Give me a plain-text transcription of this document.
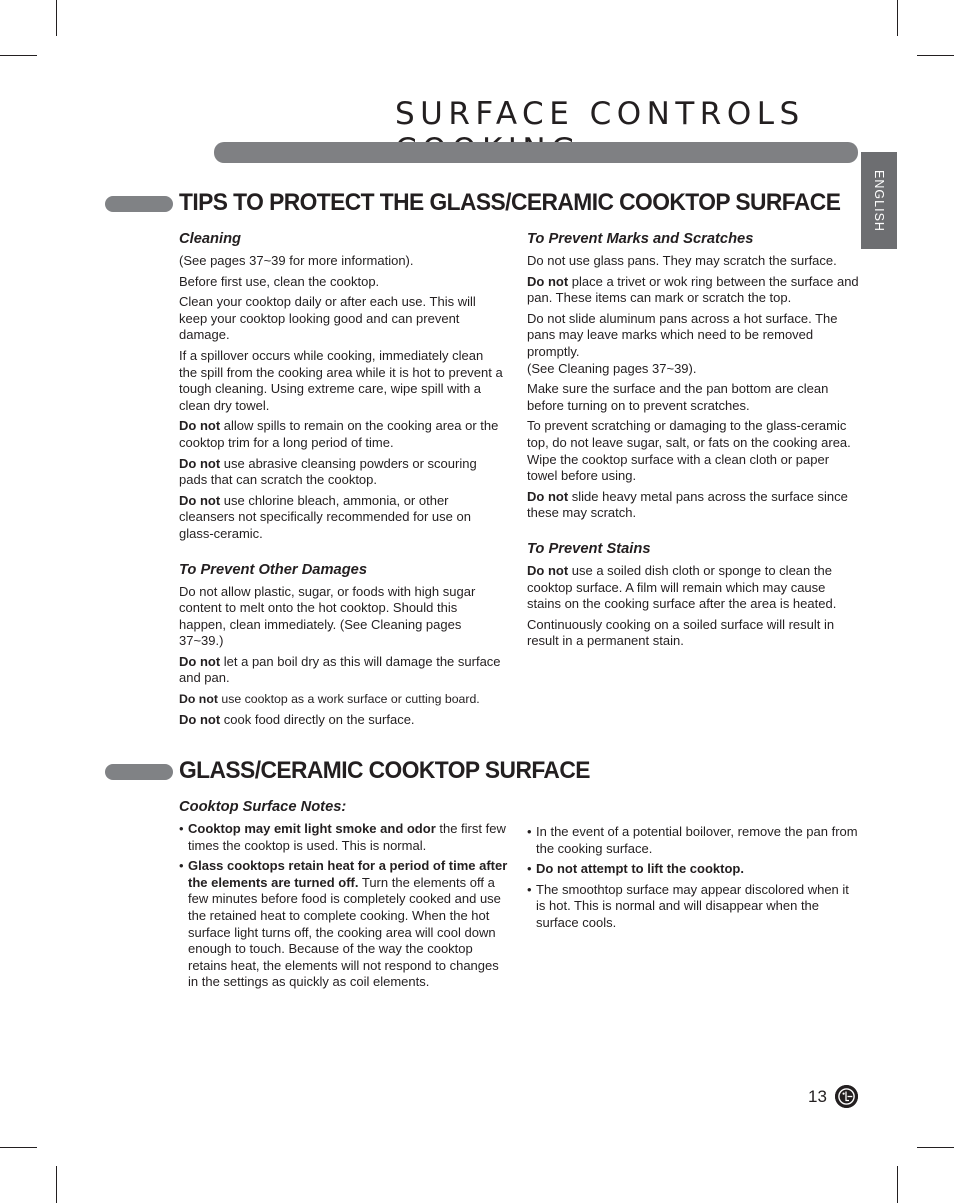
SURFACE CONTROLS
ENGLISH
TIPS TO PROTECT THE GLASS/CERAMIC COOKTOP SURFACE
Cleaning

(See pages 37~39 for more information).

Before first use, clean the cooktop.

Clean your cooktop daily or after each use. This will keep your cooktop looking good and can prevent damage.

If a spillover occurs while cooking, immediately clean the spill from the cooking area while it is hot to prevent a tough cleaning. Using extreme care, wipe spill with a clean dry towel.

Do not allow spills to remain on the cooking area or the cooktop trim for a long period of time.

Do not use abrasive cleansing powders or scouring pads that can scratch the cooktop.

Do not use chlorine bleach, ammonia, or other cleansers not specifically recommended for use on glass-ceramic.

To Prevent Other Damages

Do not allow plastic, sugar, or foods with high sugar content to melt onto the hot cooktop. Should this happen, clean immediately. (See Cleaning pages 37~39.)

Do not let a pan boil dry as this will damage the surface and pan.

Do not use cooktop as a work surface or cutting board.

Do not cook food directly on the surface.

To Prevent Marks and Scratches

Do not use glass pans. They may scratch the surface.

Do not place a trivet or wok ring between the surface and pan. These items can mark or scratch the top.

Do not slide aluminum pans across a hot surface. The pans may leave marks which need to be removed promptly.
(See Cleaning pages 37~39).

Make sure the surface and the pan bottom are clean before turning on to prevent scratches.

To prevent scratching or damaging to the glass-ceramic top, do not leave sugar, salt, or fats on the cooking area. Wipe the cooktop surface with a clean cloth or paper towel before using.

Do not slide heavy metal pans across the surface since these may scratch.

To Prevent Stains

Do not use a soiled dish cloth or sponge to clean the cooktop surface. A film will remain which may cause stains on the cooking surface after the area is heated.

Continuously cooking on a soiled surface will result in result in a permanent stain.

GLASS/CERAMIC COOKTOP SURFACE
Cooktop Surface Notes:

• Cooktop may emit light smoke and odor the first few times the cooktop is used. This is normal.

• Glass cooktops retain heat for a period of time after the elements are turned off. Turn the elements off a few minutes before food is completely cooked and use the retained heat to complete cooking. When the hot surface light turns off, the cooking area will cool down enough to touch. Because of the way the cooktop retains heat, the elements will not respond to changes in the settings as quickly as coil elements.

• In the event of a potential boilover, remove the pan from the cooking surface.

• Do not attempt to lift the cooktop.

• The smoothtop surface may appear discolored when it is hot. This is normal and will disappear when the surface cools.

13
